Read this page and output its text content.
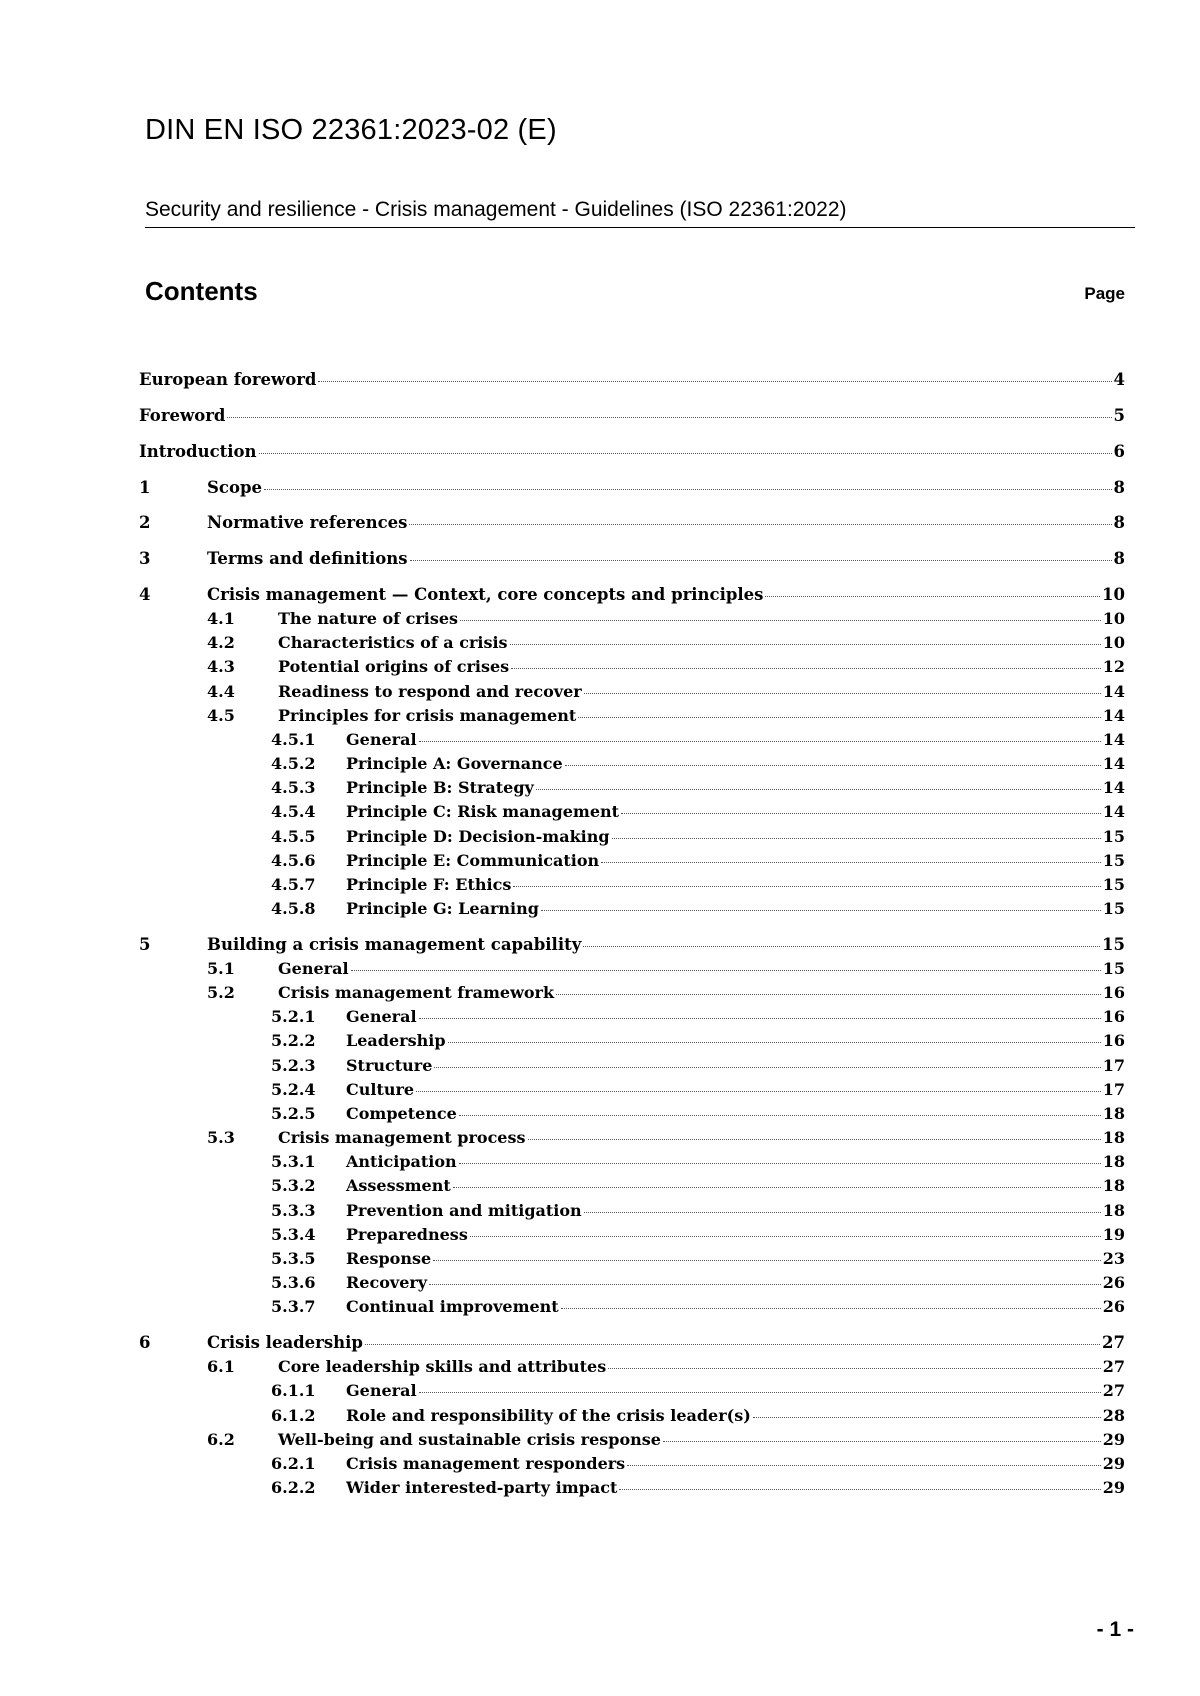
DIN EN ISO 22361:2023-02 (E)
Security and resilience - Crisis management - Guidelines (ISO 22361:2022)
Contents	Page
European foreword	4
Foreword	5
Introduction	6
1	Scope	8
2	Normative references	8
3	Terms and definitions	8
4	Crisis management — Context, core concepts and principles	10
4.1	The nature of crises	10
4.2	Characteristics of a crisis	10
4.3	Potential origins of crises	12
4.4	Readiness to respond and recover	14
4.5	Principles for crisis management	14
4.5.1	General	14
4.5.2	Principle A: Governance	14
4.5.3	Principle B: Strategy	14
4.5.4	Principle C: Risk management	14
4.5.5	Principle D: Decision-making	15
4.5.6	Principle E: Communication	15
4.5.7	Principle F: Ethics	15
4.5.8	Principle G: Learning	15
5	Building a crisis management capability	15
5.1	General	15
5.2	Crisis management framework	16
5.2.1	General	16
5.2.2	Leadership	16
5.2.3	Structure	17
5.2.4	Culture	17
5.2.5	Competence	18
5.3	Crisis management process	18
5.3.1	Anticipation	18
5.3.2	Assessment	18
5.3.3	Prevention and mitigation	18
5.3.4	Preparedness	19
5.3.5	Response	23
5.3.6	Recovery	26
5.3.7	Continual improvement	26
6	Crisis leadership	27
6.1	Core leadership skills and attributes	27
6.1.1	General	27
6.1.2	Role and responsibility of the crisis leader(s)	28
6.2	Well-being and sustainable crisis response	29
6.2.1	Crisis management responders	29
6.2.2	Wider interested-party impact	29
- 1 -
